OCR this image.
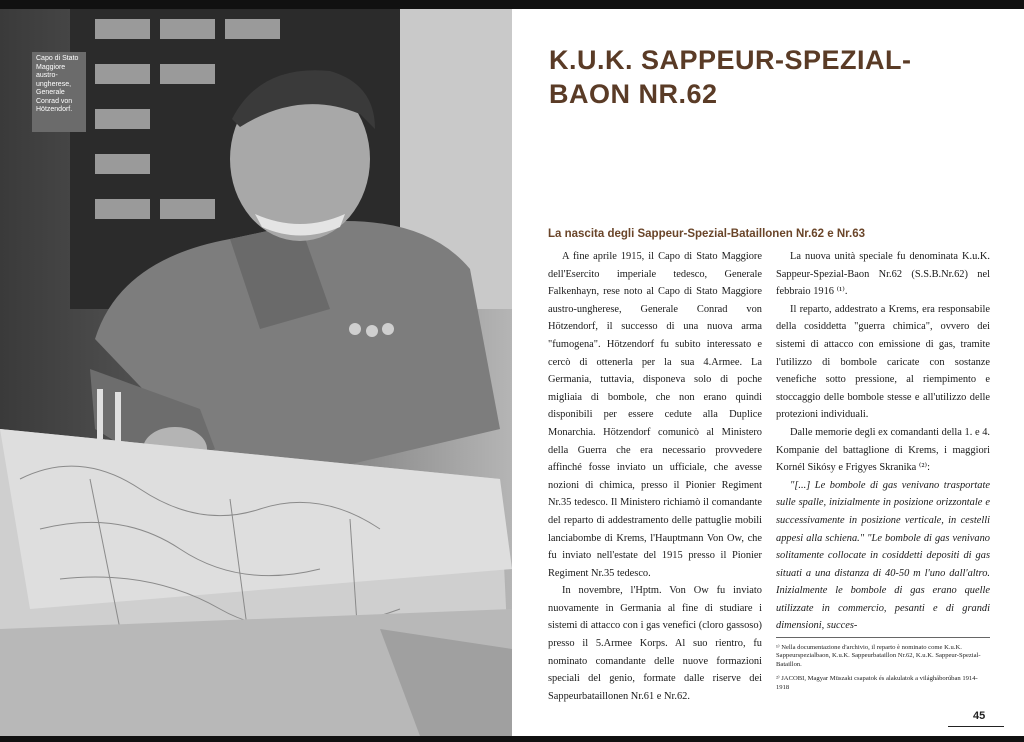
Capo di Stato Maggiore austro-ungherese, Generale Conrad von Hötzendorf.
K.U.K. SAPPEUR-SPEZIAL-BAON NR.62
La nascita degli Sappeur-Spezial-Bataillonen Nr.62 e Nr.63

A fine aprile 1915, il Capo di Stato Maggiore dell'Esercito imperiale tedesco, Generale Falkenhayn, rese noto al Capo di Stato Maggiore austro-ungherese, Generale Conrad von Hötzendorf, il successo di una nuova arma "fumogena". Hötzendorf fu subito interessato e cercò di ottenerla per la sua 4.Armee. La Germania, tuttavia, disponeva solo di poche migliaia di bombole, che non erano quindi disponibili per essere cedute alla Duplice Monarchia. Hötzendorf comunicò al Ministero della Guerra che era necessario provvedere affinché fosse inviato un ufficiale, che avesse nozioni di chimica, presso il Pionier Regiment Nr.35 tedesco. Il Ministero richiamò il comandante del reparto di addestramento delle pattuglie mobili lanciabombe di Krems, l'Hauptmann Von Ow, che fu inviato nell'estate del 1915 presso il Pionier Regiment Nr.35 tedesco.

In novembre, l'Hptm. Von Ow fu inviato nuovamente in Germania al fine di studiare i sistemi di attacco con i gas venefici (cloro gassoso) presso il 5.Armee Korps. Al suo rientro, fu nominato comandante delle nuove formazioni speciali del genio, formate dalle riserve dei Sappeurbataillonen Nr.61 e Nr.62.

La nuova unità speciale fu denominata K.u.K. Sappeur-Spezial-Baon Nr.62 (S.S.B.Nr.62) nel febbraio 1916 ⁽¹⁾.

Il reparto, addestrato a Krems, era responsabile della cosiddetta "guerra chimica", ovvero dei sistemi di attacco con emissione di gas, tramite l'utilizzo di bombole caricate con sostanze venefiche sotto pressione, al riempimento e stoccaggio delle bombole stesse e all'utilizzo delle protezioni individuali.

Dalle memorie degli ex comandanti della 1. e 4. Kompanie del battaglione di Krems, i maggiori Kornél Sikósy e Frigyes Skranika ⁽²⁾:

"[...] Le bombole di gas venivano trasportate sulle spalle, inizialmente in posizione orizzontale e successivamente in posizione verticale, in cestelli appesi alla schiena." "Le bombole di gas venivano solitamente collocate in cosiddetti depositi di gas situati a una distanza di 40-50 m l'uno dall'altro. Inizialmente le bombole di gas erano quelle utilizzate in commercio, pesanti e di grandi dimensioni, succes-

¹⁾ Nella documentazione d'archivio, il reparto è nominato come K.u.K. Sappeurspezialbaon, K.u.K. Sappeurbataillon Nr.62, K.u.K. Sappeur-Spezial-Bataillon.

²⁾ JACOBI, Magyar Müszaki csapatok és alakulatok a világháborúban 1914-1918

45
